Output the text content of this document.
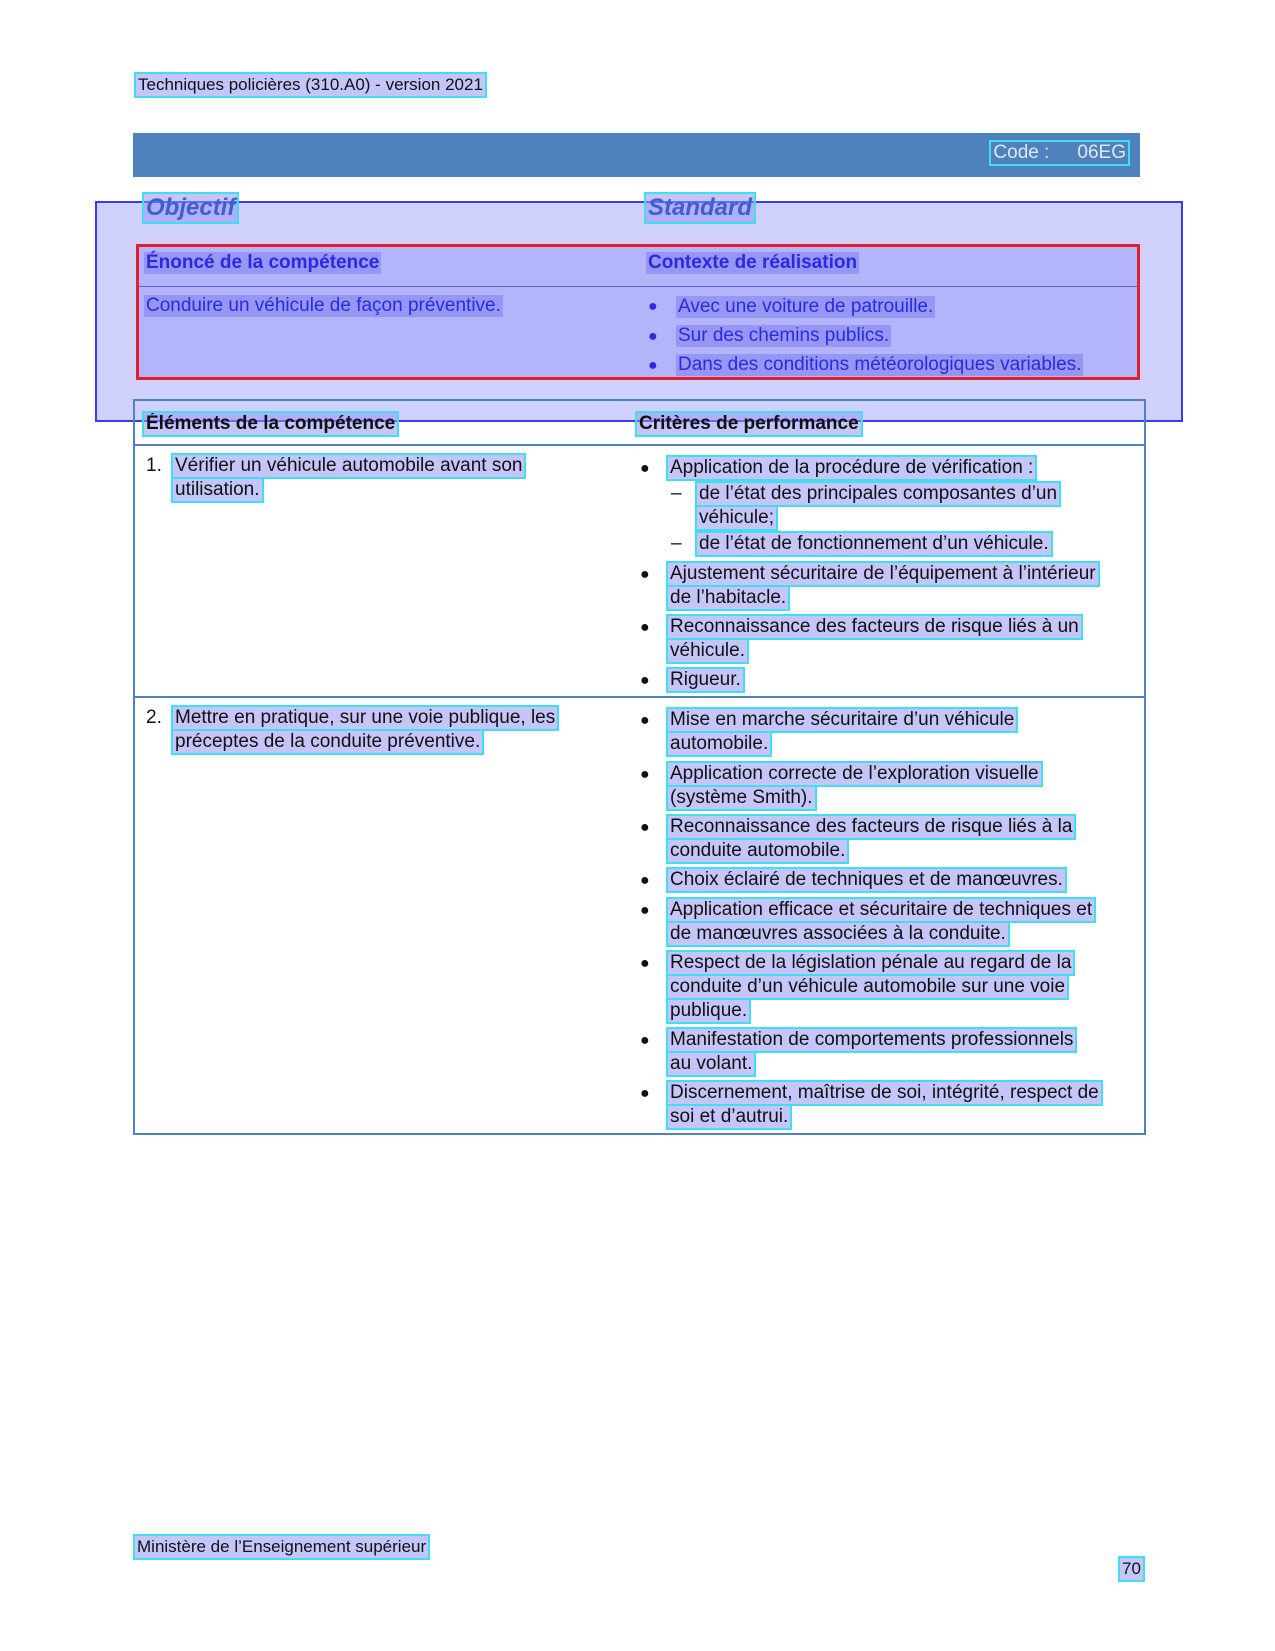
Techniques policières (310.A0) - version 2021
Code : 06EG
Objectif	Standard
Énoncé de la compétence	Contexte de réalisation
Conduire un véhicule de façon préventive.	● Avec une voiture de patrouille.
● Sur des chemins publics.
● Dans des conditions météorologiques variables.
Éléments de la compétence	Critères de performance
1. Vérifier un véhicule automobile avant son
utilisation.
● Application de la procédure de vérification :
– de l’état des principales composantes d’un
véhicule;
– de l’état de fonctionnement d’un véhicule.
● Ajustement sécuritaire de l’équipement à l’intérieur
de l’habitacle.
● Reconnaissance des facteurs de risque liés à un
véhicule.
● Rigueur.
2. Mettre en pratique, sur une voie publique, les
préceptes de la conduite préventive.
● Mise en marche sécuritaire d’un véhicule
automobile.
● Application correcte de l’exploration visuelle
(système Smith).
● Reconnaissance des facteurs de risque liés à la
conduite automobile.
● Choix éclairé de techniques et de manœuvres.
● Application efficace et sécuritaire de techniques et
de manœuvres associées à la conduite.
● Respect de la législation pénale au regard de la
conduite d’un véhicule automobile sur une voie
publique.
● Manifestation de comportements professionnels
au volant.
● Discernement, maîtrise de soi, intégrité, respect de
soi et d’autrui.
Ministère de l’Enseignement supérieur
70
